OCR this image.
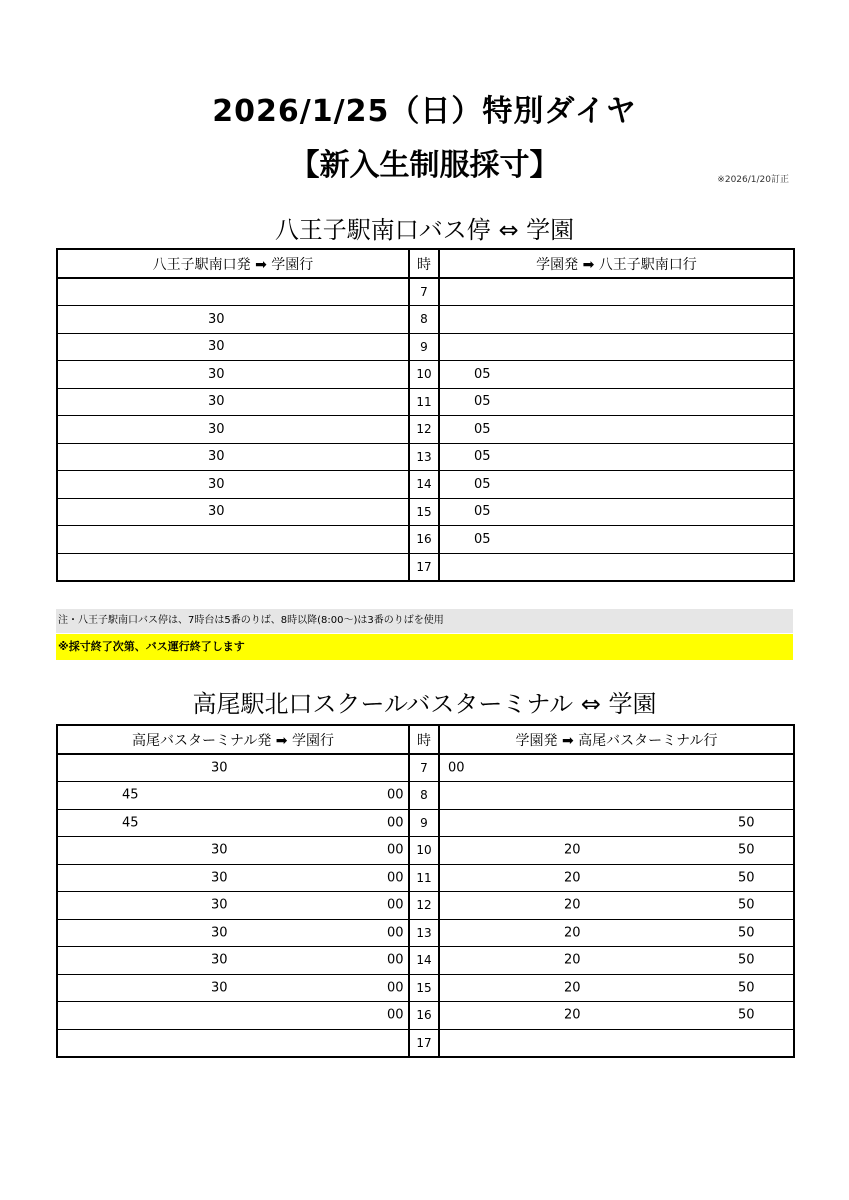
2026/1/25（日）特別ダイヤ
【新入生制服採寸】	※2026/1/20訂正
八王子駅南口バス停 ⇔ 学園
八王子駅南口発 ➡ 学園行	時	学園発 ➡ 八王子駅南口行
	7	
30	8	
30	9	
30	10	05
30	11	05
30	12	05
30	13	05
30	14	05
30	15	05
	16	05
	17	
注・八王子駅南口バス停は、7時台は5番のりば、8時以降(8:00～)は3番のりばを使用
※採寸終了次第、バス運行終了します
高尾駅北口スクールバスターミナル ⇔ 学園
高尾バスターミナル発 ➡ 学園行	時	学園発 ➡ 高尾バスターミナル行

30	7	00

45 00	8	

45 00	9	50

30 00	10	20 50

30 00	11	20 50

30 00	12	20 50

30 00	13	20 50

30 00	14	20 50

30 00	15	20 50

00	16	20 50

	17	
